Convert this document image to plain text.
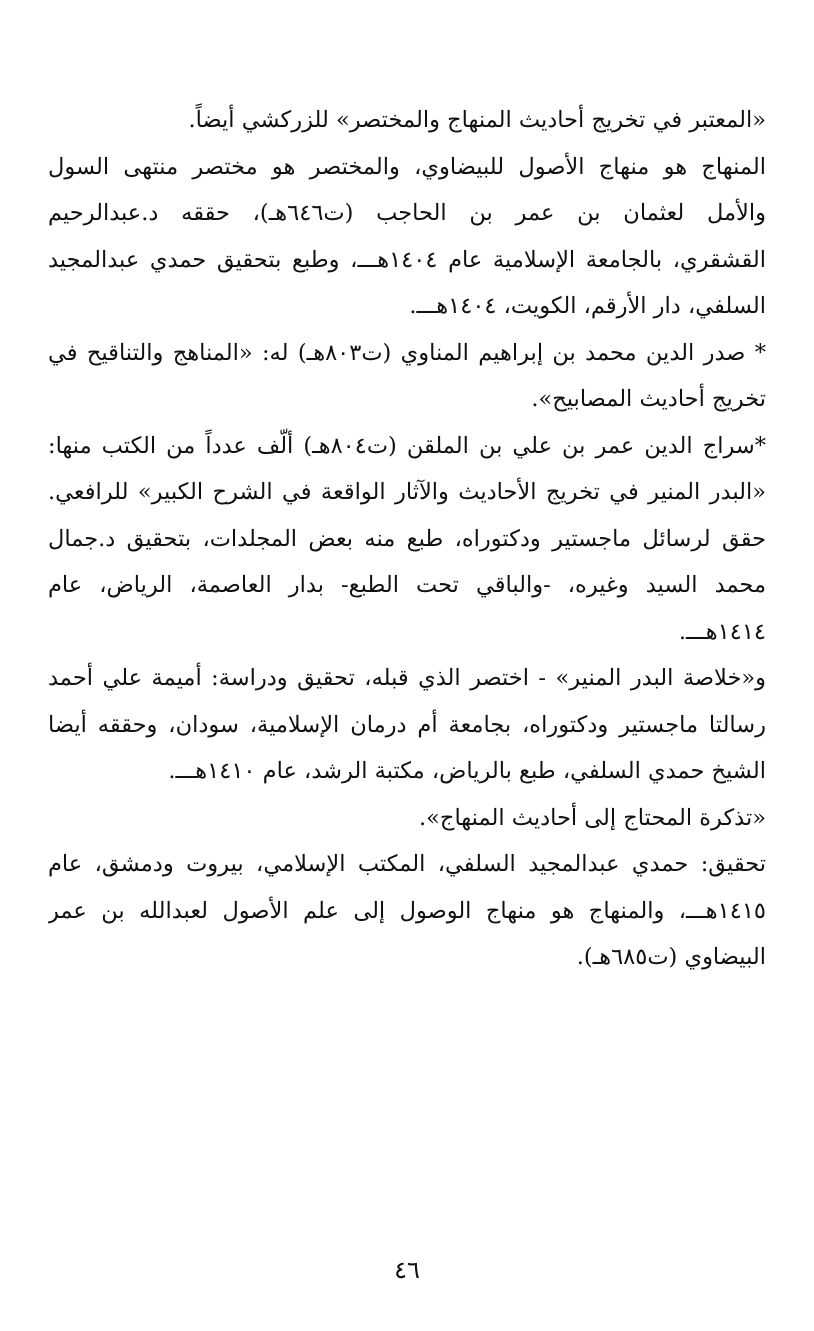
«المعتبر في تخريج أحاديث المنهاج والمختصر» للزركشي أيضاً.
المنهاج هو منهاج الأصول للبيضاوي، والمختصر هو مختصر منتهى السول
والأمل لعثمان بن عمر بن الحاجب (ت٦٤٦هـ)، حققه د.عبدالرحيم
القشقري، بالجامعة الإسلامية عام ١٤٠٤هـــ، وطبع بتحقيق حمدي عبدالمجيد
السلفي، دار الأرقم، الكويت، ١٤٠٤هـــ.
* صدر الدين محمد بن إبراهيم المناوي (ت٨٠٣هـ) له: «المناهج والتناقيح في
تخريج أحاديث المصابيح».
*سراج الدين عمر بن علي بن الملقن (ت٨٠٤هـ) ألّف عدداً من الكتب منها:
«البدر المنير في تخريج الأحاديث والآثار الواقعة في الشرح الكبير» للرافعي.
حقق لرسائل ماجستير ودكتوراه، طبع منه بعض المجلدات، بتحقيق د.جمال
محمد السيد وغيره، -والباقي تحت الطبع- بدار العاصمة، الرياض، عام
١٤١٤هـــ.
و«خلاصة البدر المنير» - اختصر الذي قبله، تحقيق ودراسة: أميمة علي أحمد
رسالتا ماجستير ودكتوراه، بجامعة أم درمان الإسلامية، سودان، وحققه أيضا
الشيخ حمدي السلفي، طبع بالرياض، مكتبة الرشد، عام ١٤١٠هـــ.
«تذكرة المحتاج إلى أحاديث المنهاج».
تحقيق: حمدي عبدالمجيد السلفي، المكتب الإسلامي، بيروت ودمشق، عام
١٤١٥هـــ، والمنهاج هو منهاج الوصول إلى علم الأصول لعبدالله بن عمر
البيضاوي (ت٦٨٥هـ).
٤٦
